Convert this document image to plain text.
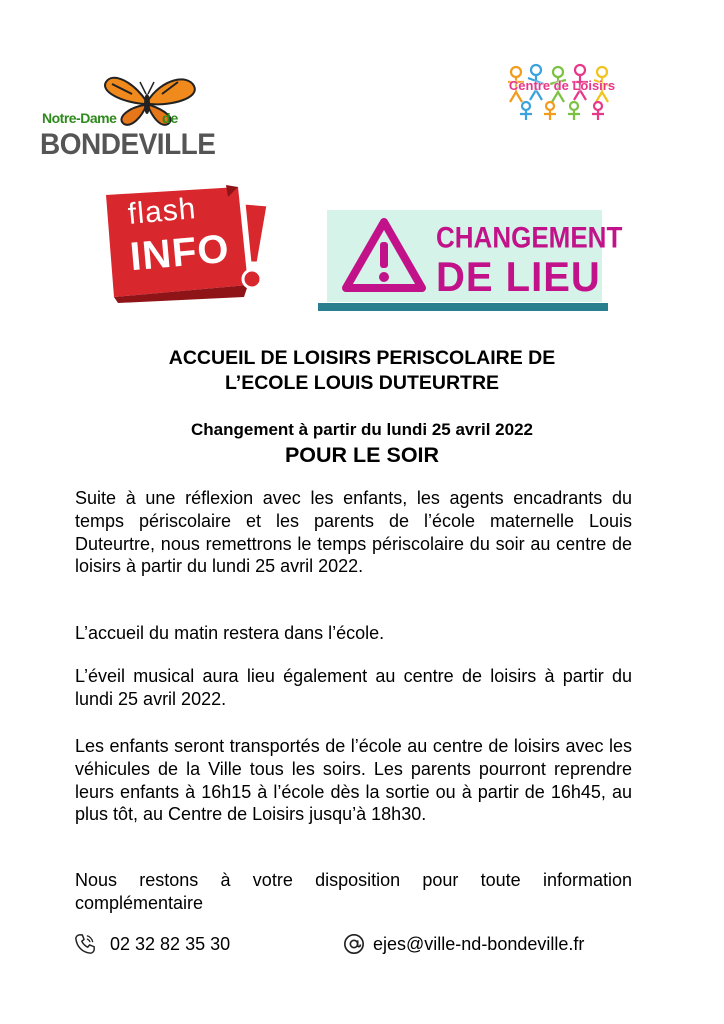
Notre-Dame	de
BONDEVILLE
Centre de Loisirs
flash
INFO	CHANGEMENT
DE LIEU
ACCUEIL DE LOISIRS PERISCOLAIRE DE
L’ECOLE LOUIS DUTEURTRE
Changement à partir du lundi 25 avril 2022
POUR LE SOIR

Suite à une réflexion avec les enfants, les agents encadrants du temps périscolaire et les parents de l’école maternelle Louis Duteurtre, nous remettrons le temps périscolaire du soir au centre de loisirs à partir du lundi 25 avril 2022.

L’accueil du matin restera dans l’école.

L’éveil musical aura lieu également au centre de loisirs à partir du lundi 25 avril 2022.

Les enfants seront transportés de l’école au centre de loisirs avec les véhicules de la Ville tous les soirs. Les parents pourront reprendre leurs enfants à 16h15 à l’école dès la sortie ou à partir de 16h45, au plus tôt, au Centre de Loisirs jusqu’à 18h30.

Nous restons à votre disposition pour toute information complémentaire

02 32 82 35 30	ejes@ville-nd-bondeville.fr
